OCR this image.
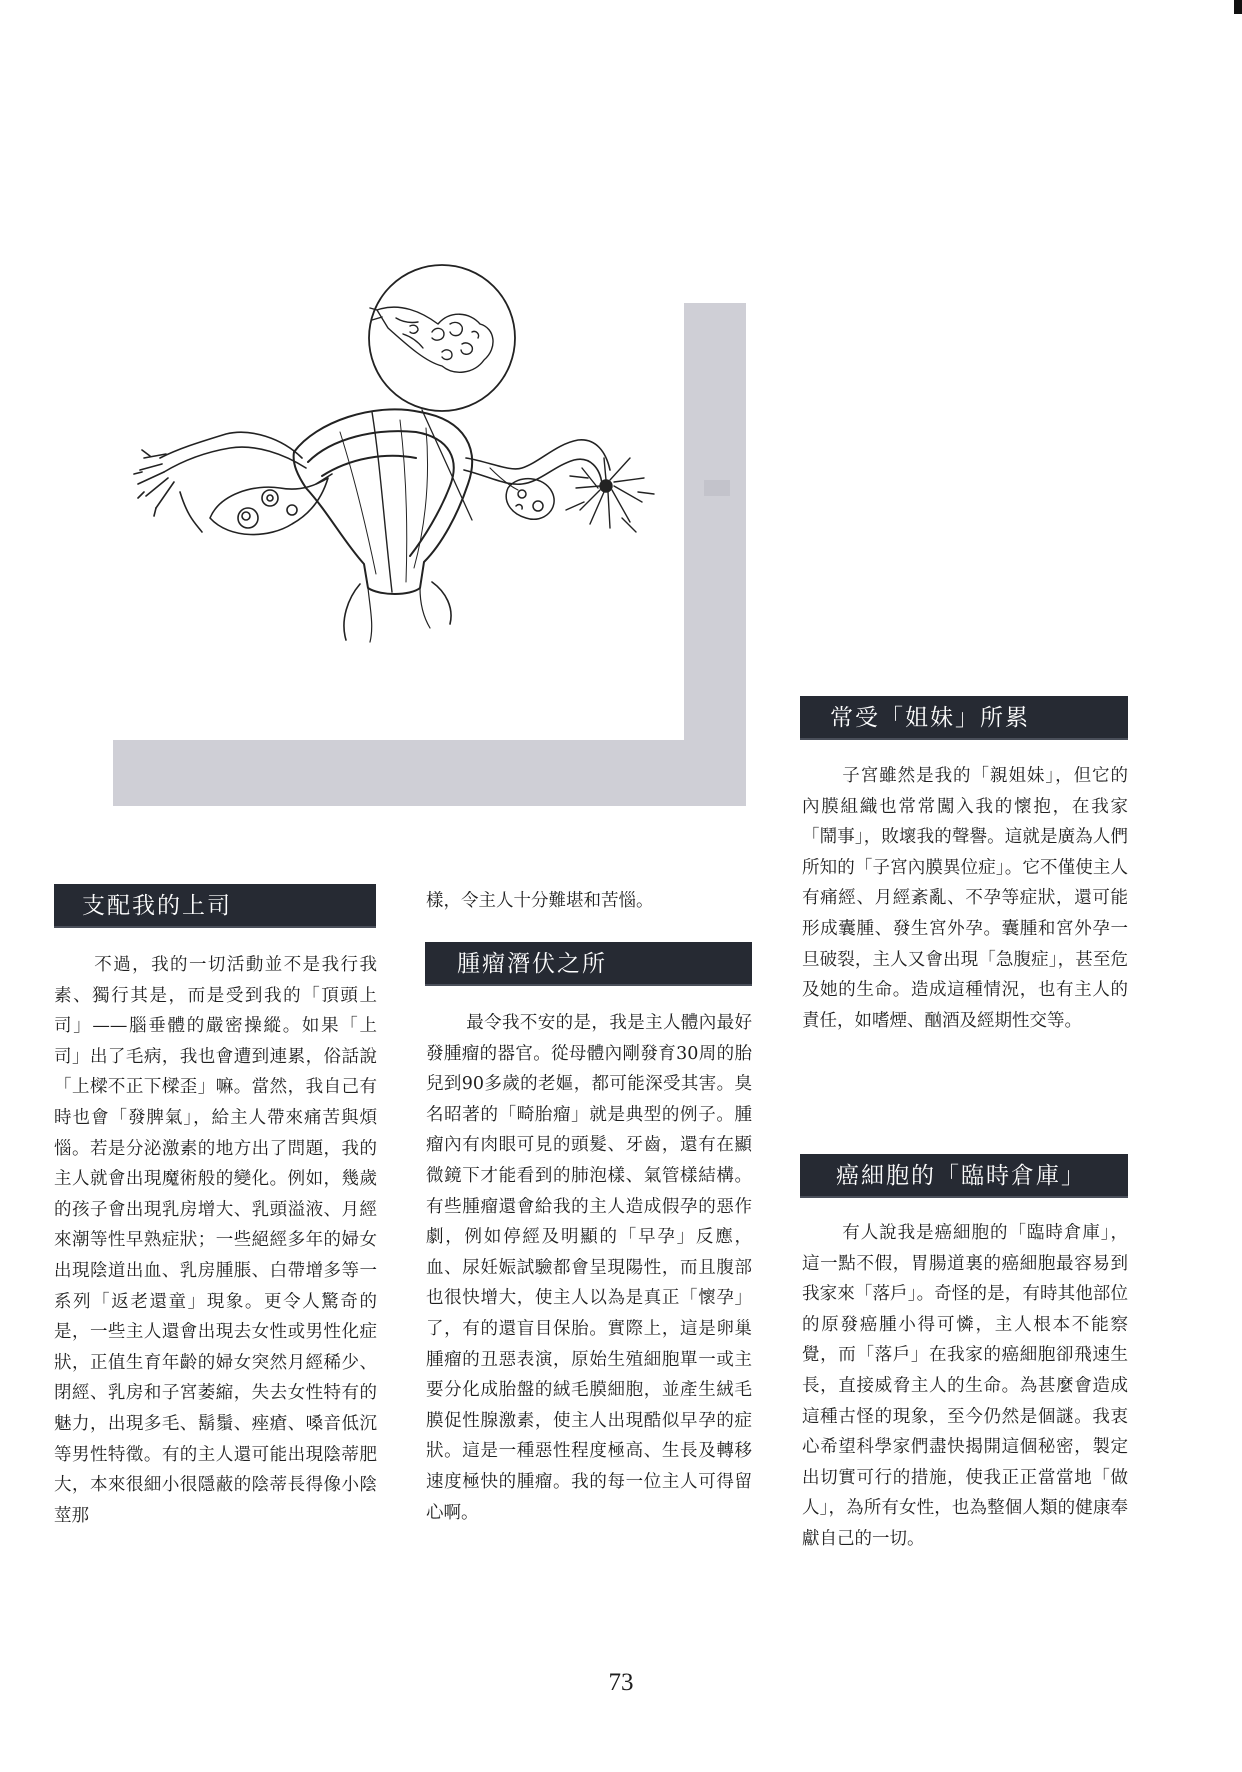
支配我的上司
腫瘤潛伏之所
常受「姐妹」所累
癌細胞的「臨時倉庫」

不過，我的一切活動並不是我行我素、獨行其是，而是受到我的「頂頭上司」——腦垂體的嚴密操縱。如果「上司」出了毛病，我也會遭到連累，俗話說「上樑不正下樑歪」嘛。當然，我自己有時也會「發脾氣」，給主人帶來痛苦與煩惱。若是分泌激素的地方出了問題，我的主人就會出現魔術般的變化。例如，幾歲的孩子會出現乳房增大、乳頭溢液、月經來潮等性早熟症狀；一些絕經多年的婦女出現陰道出血、乳房腫脹、白帶增多等一系列「返老還童」現象。更令人驚奇的是，一些主人還會出現去女性或男性化症狀，正值生育年齡的婦女突然月經稀少、閉經、乳房和子宮萎縮，失去女性特有的魅力，出現多毛、鬍鬚、痤瘡、嗓音低沉等男性特徵。有的主人還可能出現陰蒂肥大，本來很細小很隱蔽的陰蒂長得像小陰莖那

樣，令主人十分難堪和苦惱。

最令我不安的是，我是主人體內最好發腫瘤的器官。從母體內剛發育30周的胎兒到90多歲的老嫗，都可能深受其害。臭名昭著的「畸胎瘤」就是典型的例子。腫瘤內有肉眼可見的頭髮、牙齒，還有在顯微鏡下才能看到的肺泡樣、氣管樣結構。有些腫瘤還會給我的主人造成假孕的惡作劇，例如停經及明顯的「早孕」反應，血、尿妊娠試驗都會呈現陽性，而且腹部也很快增大，使主人以為是真正「懷孕」了，有的還盲目保胎。實際上，這是卵巢腫瘤的丑惡表演，原始生殖細胞單一或主要分化成胎盤的絨毛膜細胞，並產生絨毛膜促性腺激素，使主人出現酷似早孕的症狀。這是一種惡性程度極高、生長及轉移速度極快的腫瘤。我的每一位主人可得留心啊。

子宮雖然是我的「親姐妹」，但它的內膜組織也常常闖入我的懷抱，在我家「鬧事」，敗壞我的聲譽。這就是廣為人們所知的「子宮內膜異位症」。它不僅使主人有痛經、月經紊亂、不孕等症狀，還可能形成囊腫、發生宮外孕。囊腫和宮外孕一旦破裂，主人又會出現「急腹症」，甚至危及她的生命。造成這種情況，也有主人的責任，如嗜煙、酗酒及經期性交等。

有人說我是癌細胞的「臨時倉庫」，這一點不假，胃腸道裏的癌細胞最容易到我家來「落戶」。奇怪的是，有時其他部位的原發癌腫小得可憐，主人根本不能察覺，而「落戶」在我家的癌細胞卻飛速生長，直接威脅主人的生命。為甚麼會造成這種古怪的現象，至今仍然是個謎。我衷心希望科學家們盡快揭開這個秘密，製定出切實可行的措施，使我正正當當地「做人」，為所有女性，也為整個人類的健康奉獻自己的一切。

73
